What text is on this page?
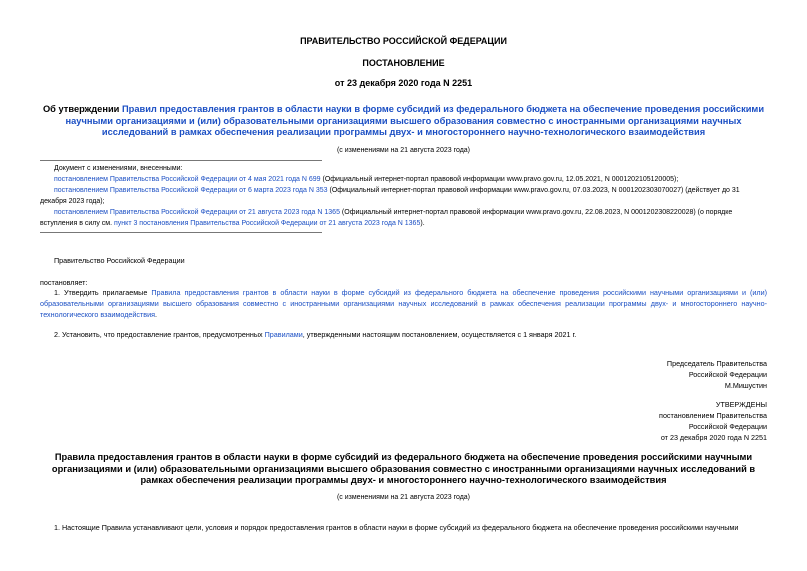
ПРАВИТЕЛЬСТВО РОССИЙСКОЙ ФЕДЕРАЦИИ
ПОСТАНОВЛЕНИЕ
от 23 декабря 2020 года N 2251
Об утверждении Правил предоставления грантов в области науки в форме субсидий из федерального бюджета на обеспечение проведения российскими научными организациями и (или) образовательными организациями высшего образования совместно с иностранными организациями научных исследований в рамках обеспечения реализации программы двух- и многостороннего научно-технологического взаимодействия
(с изменениями на 21 августа 2023 года)
Документ с изменениями, внесенными:
постановлением Правительства Российской Федерации от 4 мая 2021 года N 699 (Официальный интернет-портал правовой информации www.pravo.gov.ru, 12.05.2021, N 0001202105120005);
постановлением Правительства Российской Федерации от 6 марта 2023 года N 353 (Официальный интернет-портал правовой информации www.pravo.gov.ru, 07.03.2023, N 0001202303070027) (действует до 31 декабря 2023 года);
постановлением Правительства Российской Федерации от 21 августа 2023 года N 1365 (Официальный интернет-портал правовой информации www.pravo.gov.ru, 22.08.2023, N 0001202308220028) (о порядке вступления в силу см. пункт 3 постановления Правительства Российской Федерации от 21 августа 2023 года N 1365).
Правительство Российской Федерации
постановляет:
1. Утвердить прилагаемые Правила предоставления грантов в области науки в форме субсидий из федерального бюджета на обеспечение проведения российскими научными организациями и (или) образовательными организациями высшего образования совместно с иностранными организациями научных исследований в рамках обеспечения реализации программы двух- и многостороннего научно-технологического взаимодействия.
2. Установить, что предоставление грантов, предусмотренных Правилами, утвержденными настоящим постановлением, осуществляется с 1 января 2021 г.
Председатель Правительства
Российской Федерации
М.Мишустин
УТВЕРЖДЕНЫ
постановлением Правительства
Российской Федерации
от 23 декабря 2020 года N 2251
Правила предоставления грантов в области науки в форме субсидий из федерального бюджета на обеспечение проведения российскими научными организациями и (или) образовательными организациями высшего образования совместно с иностранными организациями научных исследований в рамках обеспечения реализации программы двух- и многостороннего научно-технологического взаимодействия
(с изменениями на 21 августа 2023 года)
1. Настоящие Правила устанавливают цели, условия и порядок предоставления грантов в области науки в форме субсидий из федерального бюджета на обеспечение проведения российскими научными
